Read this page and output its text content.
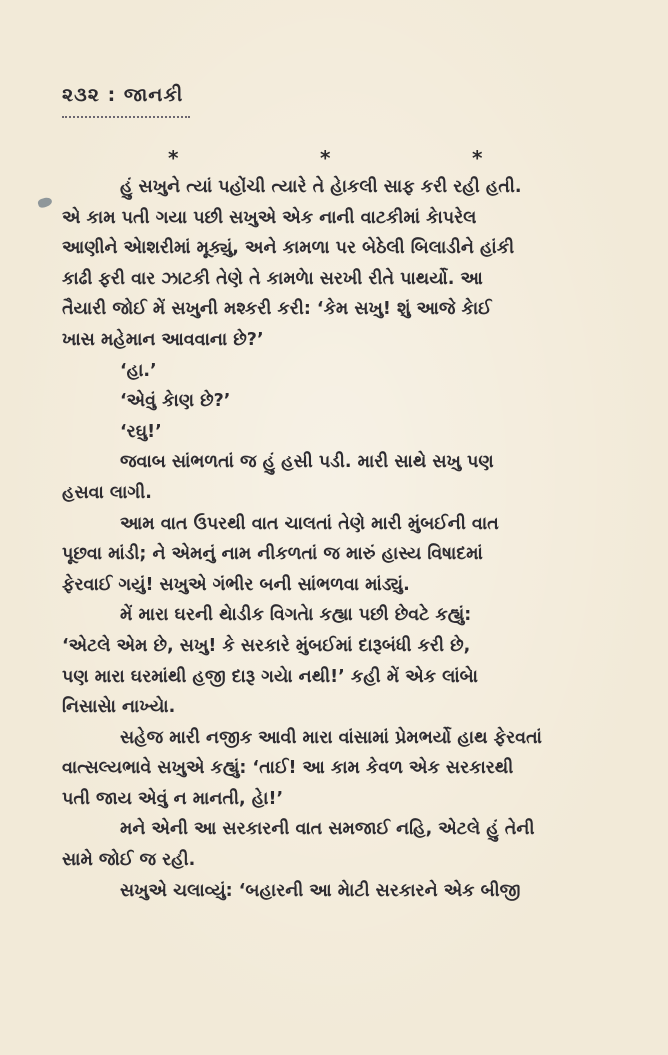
૨૩૨ : જાનકી
*	*	*

હું સખુને ત્યાં પહોંચી ત્યારે તે હેાકલી સાફ કરી રહી હતી.

એ કામ પતી ગયા પછી સખુએ એક નાની વાટકીમાં કેાપરેલ

આણીને એાશરીમાં મૂક્યું, અને કામળા પર બેઠેલી બિલાડીને હાંકી

કાઢી ફરી વાર ઝાટકી તેણે તે કામળેા સરખી રીતે પાથર્યો. આ

તૈયારી જોઈ મેં સખુની મશ્કરી કરી: ‘કેમ સખુ! શું આજે કેાઈ

ખાસ મહેમાન આવવાના છે?’

‘હા.’

‘એવું કેાણ છે?’

‘રઘુ!’

જવાબ સાંભળતાં જ હું હસી પડી. મારી સાથે સખુ પણ

હસવા લાગી.

આમ વાત ઉપરથી વાત ચાલતાં તેણે મારી મુંબઈની વાત

પૂછવા માંડી; ને એમનું નામ નીકળતાં જ મારું હાસ્ય વિષાદમાં

ફેરવાઈ ગયું! સખુએ ગંભીર બની સાંભળવા માંડ્યું.

મેં મારા ઘરની થેાડીક વિગતેા કહ્યા પછી છેવટે કહ્યું:

‘એટલે એમ છે, સખુ! કે સરકારે મુંબઈમાં દારૂબંધી કરી છે,

પણ મારા ઘરમાંથી હજી દારૂ ગયેા નથી!’ કહી મેં એક લાંબેા

નિસાસેા નાખ્યેા.

સહેજ મારી નજીક આવી મારા વાંસામાં પ્રેમભર્યો હાથ ફેરવતાં

વાત્સલ્યભાવે સખુએ કહ્યું: ‘તાઈ! આ કામ કેવળ એક સરકારથી

પતી જાય એવું ન માનતી, હેા!’

મને એની આ સરકારની વાત સમજાઈ નહિ, એટલે હું તેની

સામે જોઈ જ રહી.

સખુએ ચલાવ્યું: ‘બહારની આ મેાટી સરકારને એક બીજી
